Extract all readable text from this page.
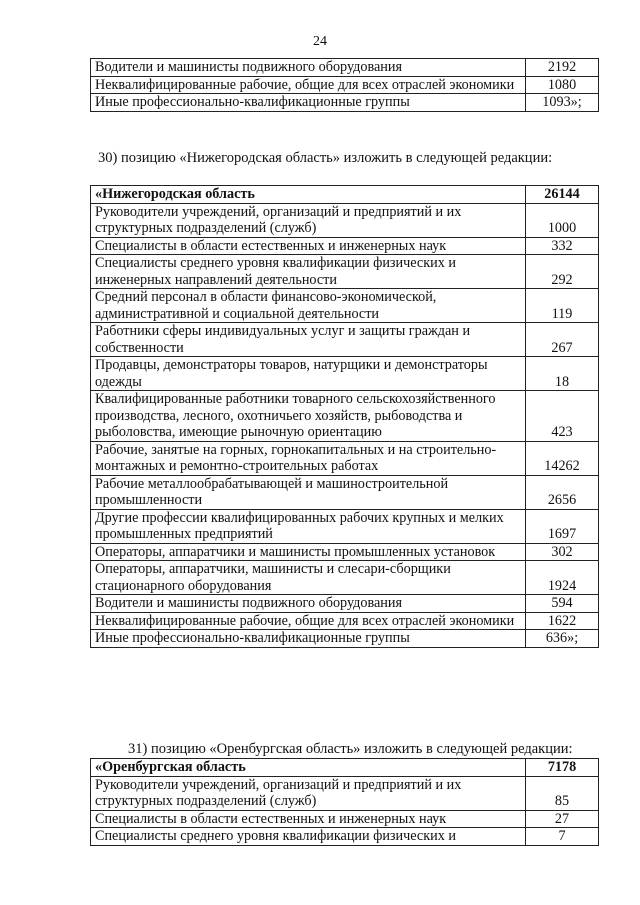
24
Водители и машинисты подвижного оборудования	2192
Неквалифицированные рабочие, общие для всех отраслей экономики	1080
Иные профессионально-квалификационные группы	1093»;
30) позицию «Нижегородская область» изложить в следующей редакции:
«Нижегородская область	26144
Руководители учреждений, организаций и предприятий и их структурных подразделений (служб)	1000
Специалисты в области естественных и инженерных наук	332
Специалисты среднего уровня квалификации физических и инженерных направлений деятельности	292
Средний персонал в области финансово-экономической, административной и социальной деятельности	119
Работники сферы индивидуальных услуг и защиты граждан и собственности	267
Продавцы, демонстраторы товаров, натурщики и демонстраторы одежды	18
Квалифицированные работники товарного сельскохозяйственного производства, лесного, охотничьего хозяйств, рыбоводства и рыболовства, имеющие рыночную ориентацию	423
Рабочие, занятые на горных, горнокапитальных и на строительно-монтажных и ремонтно-строительных работах	14262
Рабочие металлообрабатывающей и машиностроительной промышленности	2656
Другие профессии квалифицированных рабочих крупных и мелких промышленных предприятий	1697
Операторы, аппаратчики и машинисты промышленных установок	302
Операторы, аппаратчики, машинисты и слесари-сборщики стационарного оборудования	1924
Водители и машинисты подвижного оборудования	594
Неквалифицированные рабочие, общие для всех отраслей экономики	1622
Иные профессионально-квалификационные группы	636»;
31) позицию «Оренбургская область» изложить в следующей редакции:
«Оренбургская область	7178
Руководители учреждений, организаций и предприятий и их структурных подразделений (служб)	85
Специалисты в области естественных и инженерных наук	27
Специалисты среднего уровня квалификации физических и	7
